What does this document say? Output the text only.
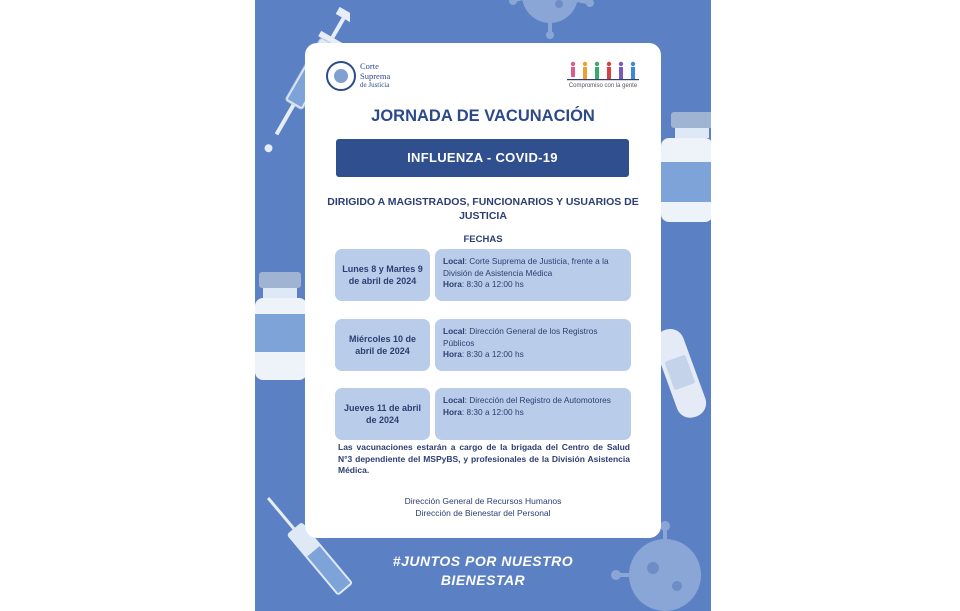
Corte
Suprema
de Justicia	Compromiso con la gente
JORNADA DE VACUNACIÓN
INFLUENZA - COVID-19
DIRIGIDO A MAGISTRADOS, FUNCIONARIOS Y USUARIOS DE JUSTICIA
FECHAS
Lunes 8 y Martes 9 de abril de 2024
Local: Corte Suprema de Justicia, frente a la División de Asistencia Médica
Hora: 8:30 a 12:00 hs
Miércoles 10 de abril de 2024
Local: Dirección General de los Registros Públicos
Hora: 8:30 a 12:00 hs
Jueves 11 de abril de 2024
Local: Dirección del Registro de Automotores
Hora: 8:30 a 12:00 hs
Las vacunaciones estarán a cargo de la brigada del Centro de Salud N°3 dependiente del MSPyBS, y profesionales de la División Asistencia Médica.
Dirección General de Recursos Humanos
Dirección de Bienestar del Personal
#JUNTOS POR NUESTRO
BIENESTAR
